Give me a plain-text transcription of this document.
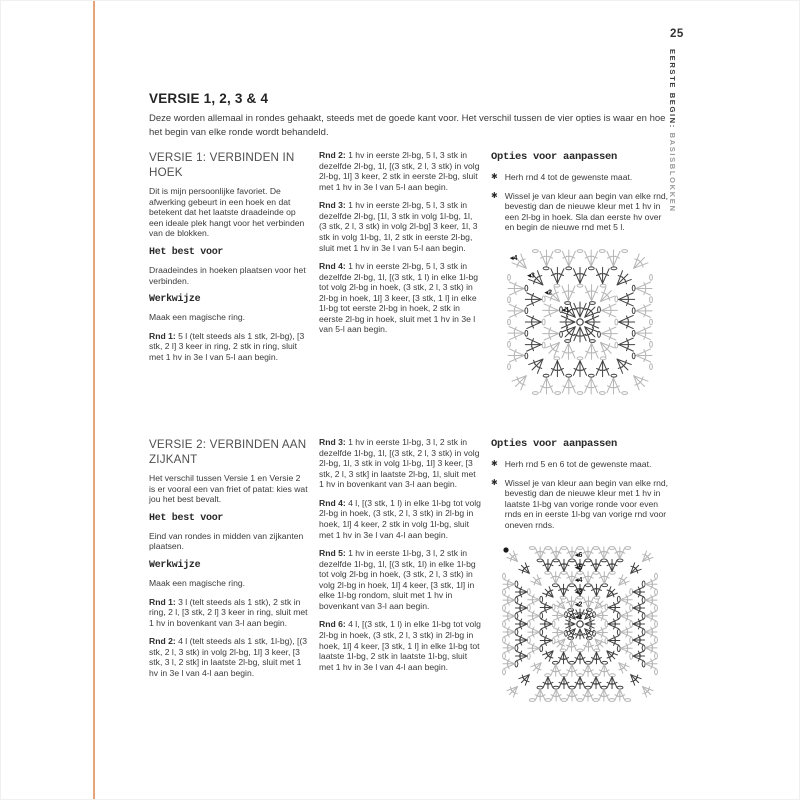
25
EERSTE BEGIN: BASISBLOKKEN
VERSIE 1, 2, 3 & 4

Deze worden allemaal in rondes gehaakt, steeds met de goede kant voor. Het verschil tussen de vier opties is waar en hoe het begin van elke ronde wordt behandeld.

VERSIE 1: VERBINDEN IN HOEK

Dit is mijn persoonlijke favoriet. De afwerking gebeurt in een hoek en dat betekent dat het laatste draadeinde op een ideale plek hangt voor het verbinden van de blokken.

Het best voor

Draadeindes in hoeken plaatsen voor het verbinden.

Werkwijze

Maak een magische ring.

Rnd 1: 5 l (telt steeds als 1 stk, 2l-bg), [3 stk, 2 l] 3 keer in ring, 2 stk in ring, sluit met 1 hv in 3e l van 5-l aan begin.

Rnd 2: 1 hv in eerste 2l-bg, 5 l, 3 stk in dezelfde 2l-bg, 1l, [(3 stk, 2 l, 3 stk) in volg 2l-bg, 1l] 3 keer, 2 stk in eerste 2l-bg, sluit met 1 hv in 3e l van 5-l aan begin.

Rnd 3: 1 hv in eerste 2l-bg, 5 l, 3 stk in dezelfde 2l-bg, [1l, 3 stk in volg 1l-bg, 1l, (3 stk, 2 l, 3 stk) in volg 2l-bg] 3 keer, 1l, 3 stk in volg 1l-bg, 1l, 2 stk in eerste 2l-bg, sluit met 1 hv in 3e l van 5-l aan begin.

Rnd 4: 1 hv in eerste 2l-bg, 5 l, 3 stk in dezelfde 2l-bg, 1l, [(3 stk, 1 l) in elke 1l-bg tot volg 2l-bg in hoek, (3 stk, 2 l, 3 stk) in 2l-bg in hoek, 1l] 3 keer, [3 stk, 1 l] in elke 1l-bg tot eerste 2l-bg in hoek, 2 stk in eerste 2l-bg in hoek, sluit met 1 hv in 3e l van 5-l aan begin.

Opties voor aanpassen
✱ Herh rnd 4 tot de gewenste maat.

✱ Wissel je van kleur aan begin van elke rnd, bevestig dan de nieuwe kleur met 1 hv in een 2l-bg in hoek. Sla dan eerste hv over en begin de nieuwe rnd met 5 l.

◂1
◂2
◂3
◂4
VERSIE 2: VERBINDEN AAN ZIJKANT

Het verschil tussen Versie 1 en Versie 2 is er vooral een van friet of patat: kies wat jou het best bevalt.

Het best voor

Eind van rondes in midden van zijkanten plaatsen.

Werkwijze

Maak een magische ring.

Rnd 1: 3 l (telt steeds als 1 stk), 2 stk in ring, 2 l, [3 stk, 2 l] 3 keer in ring, sluit met 1 hv in bovenkant van 3-l aan begin.

Rnd 2: 4 l (telt steeds als 1 stk, 1l-bg), [(3 stk, 2 l, 3 stk) in volg 2l-bg, 1l] 3 keer, [3 stk, 3 l, 2 stk] in laatste 2l-bg, sluit met 1 hv in 3e l van 4-l aan begin.

Rnd 3: 1 hv in eerste 1l-bg, 3 l, 2 stk in dezelfde 1l-bg, 1l, [(3 stk, 2 l, 3 stk) in volg 2l-bg, 1l, 3 stk in volg 1l-bg, 1l] 3 keer, [3 stk, 2 l, 3 stk] in laatste 2l-bg, 1l, sluit met 1 hv in bovenkant van 3-l aan begin.

Rnd 4: 4 l, [(3 stk, 1 l) in elke 1l-bg tot volg 2l-bg in hoek, (3 stk, 2 l, 3 stk) in 2l-bg in hoek, 1l] 4 keer, 2 stk in volg 1l-bg, sluit met 1 hv in 3e l van 4-l aan begin.

Rnd 5: 1 hv in eerste 1l-bg, 3 l, 2 stk in dezelfde 1l-bg, 1l, [(3 stk, 1l) in elke 1l-bg tot volg 2l-bg in hoek, (3 stk, 2 l, 3 stk) in volg 2l-bg in hoek, 1l] 4 keer, [3 stk, 1l] in elke 1l-bg rondom, sluit met 1 hv in bovenkant van 3-l aan begin.

Rnd 6: 4 l, [(3 stk, 1 l) in elke 1l-bg tot volg 2l-bg in hoek, (3 stk, 2 l, 3 stk) in 2l-bg in hoek, 1l] 4 keer, [3 stk, 1 l] in elke 1l-bg tot laatste 1l-bg, 2 stk in laatste 1l-bg, sluit met 1 hv in 3e l van 4-l aan begin.

Opties voor aanpassen
✱ Herh rnd 5 en 6 tot de gewenste maat.

✱ Wissel je van kleur aan begin van elke rnd, bevestig dan de nieuwe kleur met 1 hv in laatste 1l-bg van vorige ronde voor even rnds en in eerste 1l-bg van vorige rnd voor oneven rnds.

◂1
◂2
◂3
◂4
◂5
◂6
